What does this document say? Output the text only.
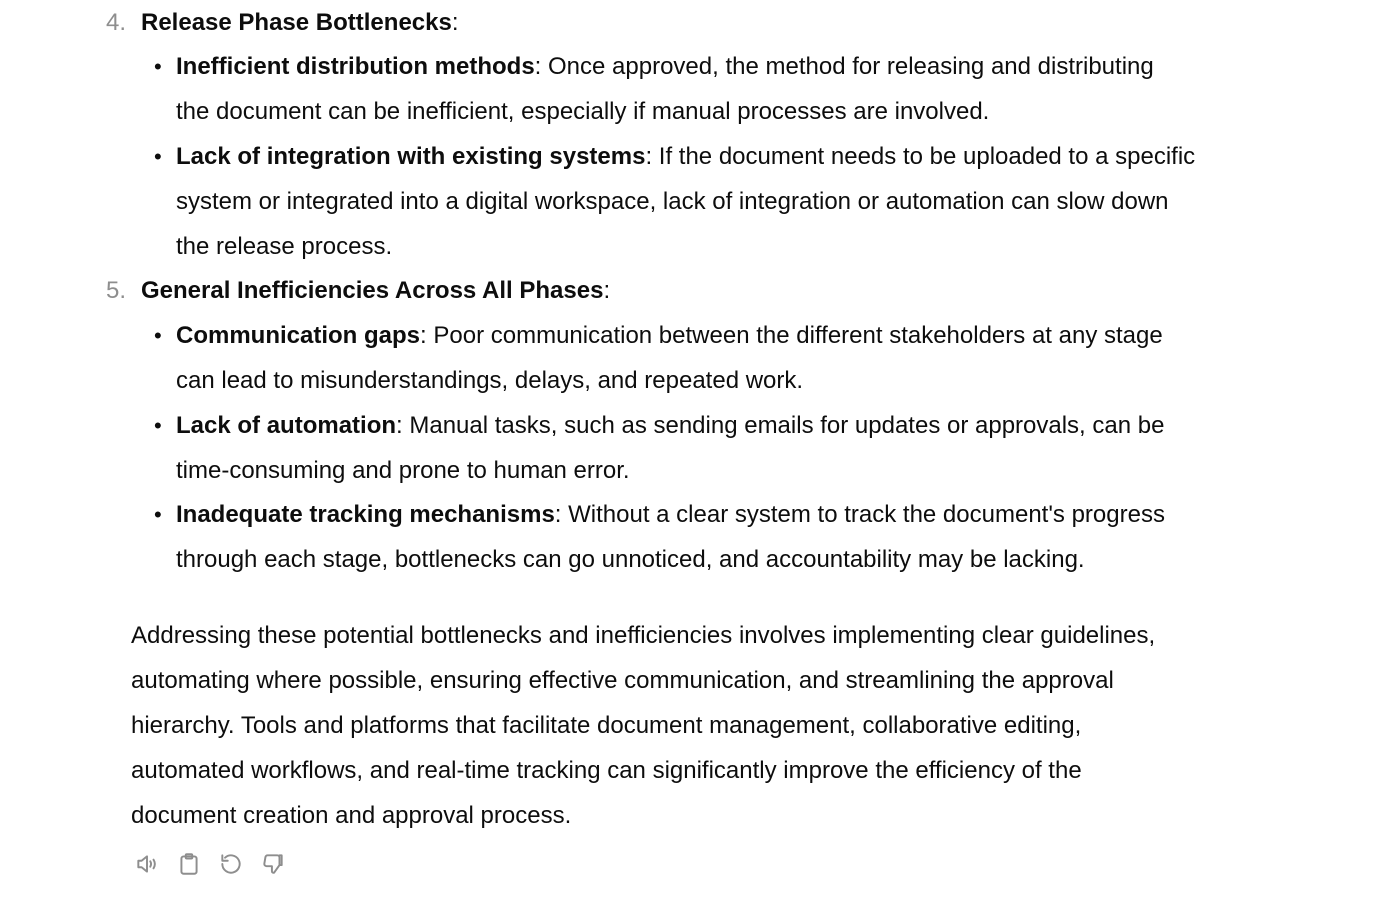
4. Release Phase Bottlenecks:
• Inefficient distribution methods: Once approved, the method for releasing and distributing
the document can be inefficient, especially if manual processes are involved.
• Lack of integration with existing systems: If the document needs to be uploaded to a specific
system or integrated into a digital workspace, lack of integration or automation can slow down
the release process.
5. General Inefficiencies Across All Phases:
• Communication gaps: Poor communication between the different stakeholders at any stage
can lead to misunderstandings, delays, and repeated work.
• Lack of automation: Manual tasks, such as sending emails for updates or approvals, can be
time-consuming and prone to human error.
• Inadequate tracking mechanisms: Without a clear system to track the document's progress
through each stage, bottlenecks can go unnoticed, and accountability may be lacking.
Addressing these potential bottlenecks and inefficiencies involves implementing clear guidelines,
automating where possible, ensuring effective communication, and streamlining the approval
hierarchy. Tools and platforms that facilitate document management, collaborative editing,
automated workflows, and real-time tracking can significantly improve the efficiency of the
document creation and approval process.
